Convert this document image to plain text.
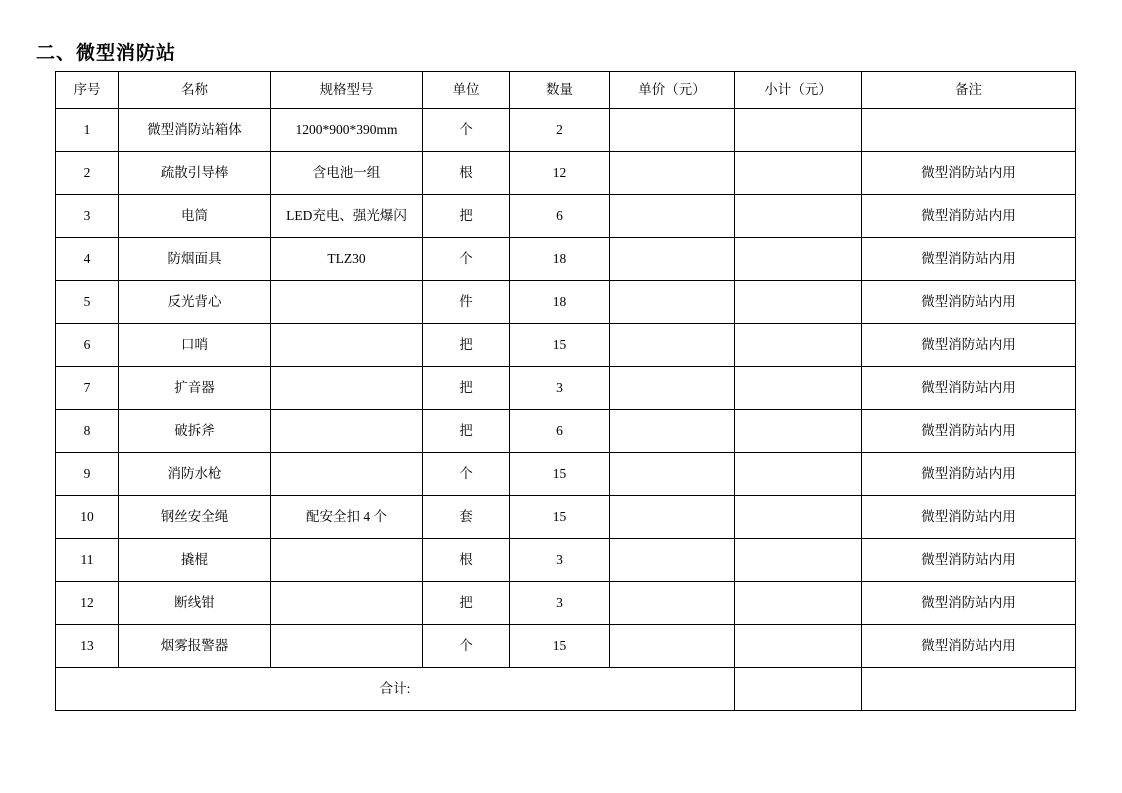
二、微型消防站
序号	名称	规格型号	单位	数量	单价（元）	小计（元）	备注
1	微型消防站箱体	1200*900*390mm	个	2			
2	疏散引导棒	含电池一组	根	12			微型消防站内用
3	电筒	LED充电、强光爆闪	把	6			微型消防站内用
4	防烟面具	TLZ30	个	18			微型消防站内用
5	反光背心		件	18			微型消防站内用
6	口哨		把	15			微型消防站内用
7	扩音器		把	3			微型消防站内用
8	破拆斧		把	6			微型消防站内用
9	消防水枪		个	15			微型消防站内用
10	钢丝安全绳	配安全扣 4 个	套	15			微型消防站内用
11	撬棍		根	3			微型消防站内用
12	断线钳		把	3			微型消防站内用
13	烟雾报警器		个	15			微型消防站内用
合计:							
